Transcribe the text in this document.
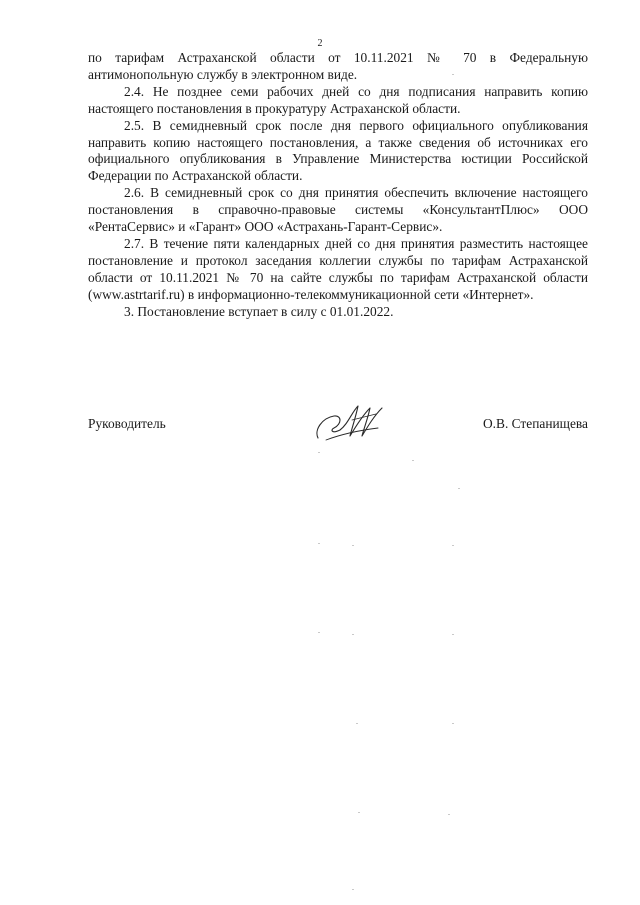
2

по тарифам Астраханской области от 10.11.2021 № 70 в Федеральную антимонопольную службу в электронном виде.

2.4. Не позднее семи рабочих дней со дня подписания направить копию настоящего постановления в прокуратуру Астраханской области.

2.5. В семидневный срок после дня первого официального опубликования направить копию настоящего постановления, а также сведения об источниках его официального опубликования в Управление Министерства юстиции Российской Федерации по Астраханской области.

2.6. В семидневный срок со дня принятия обеспечить включение настоящего постановления в справочно-правовые системы «КонсультантПлюс» ООО «РентаСервис» и «Гарант» ООО «Астрахань-Гарант-Сервис».

2.7. В течение пяти календарных дней со дня принятия разместить настоящее постановление и протокол заседания коллегии службы по тарифам Астраханской области от 10.11.2021 № 70 на сайте службы по тарифам Астраханской области (www.astrtarif.ru) в информационно-телекоммуникационной сети «Интернет».

3. Постановление вступает в силу с 01.01.2022.

Руководитель	О.В. Степанищева
